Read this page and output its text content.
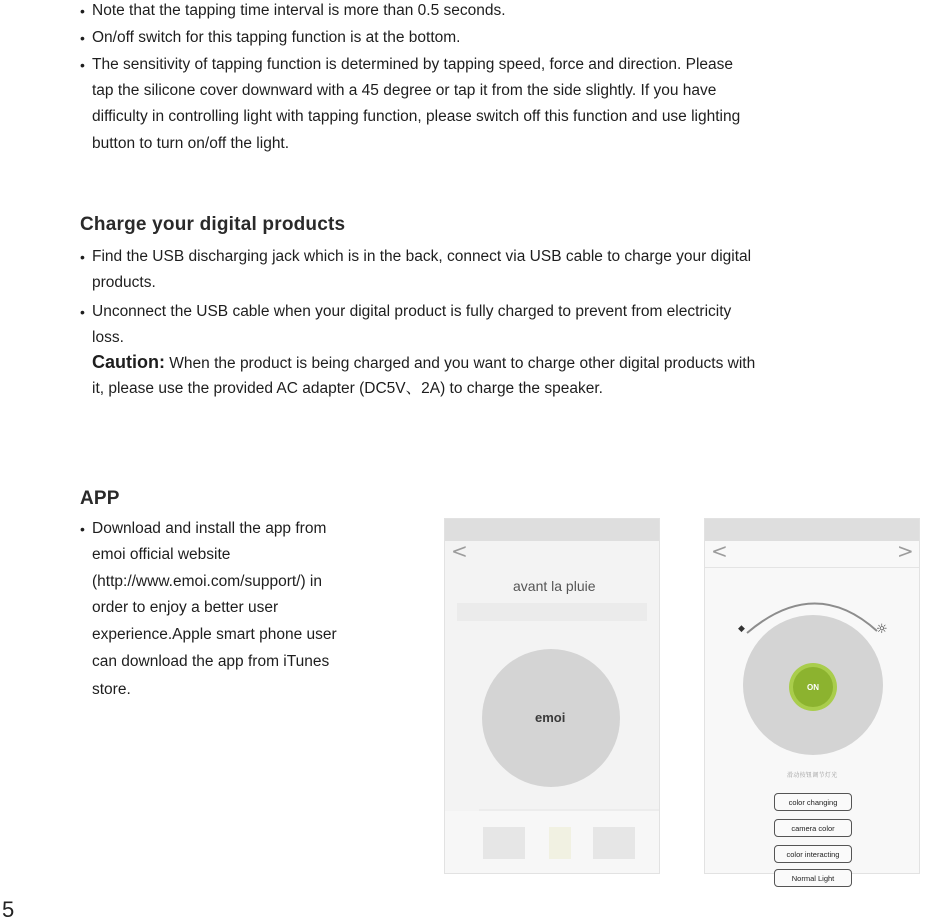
• Note that the tapping time interval is more than 0.5 seconds.
• On/off switch for this tapping function is at the bottom.
• The sensitivity of tapping function is determined by tapping speed, force and direction. Please
tap the silicone cover downward with a 45 degree or tap it from the side slightly. If you have
difficulty in controlling light with tapping function, please switch off this function and use lighting
button to turn on/off the light.
Charge your digital products
• Find the USB discharging jack which is in the back, connect via USB cable to charge your digital
products.
• Unconnect the USB cable when your digital product is fully charged to prevent from electricity
loss.
Caution: When the product is being charged and you want to charge other digital products with
it, please use the provided AC adapter (DC5V、2A) to charge the speaker.
APP
• Download and install the app from
emoi official website
(http://www.emoi.com/support/) in
order to enjoy a better user
experience.Apple smart phone user
can download the app from iTunes
store.
<
avant la pluie
emoi
<	>
◆	☼
ON
滑动按钮调节灯光
color changing
camera color
color interacting
Normal Light
5
